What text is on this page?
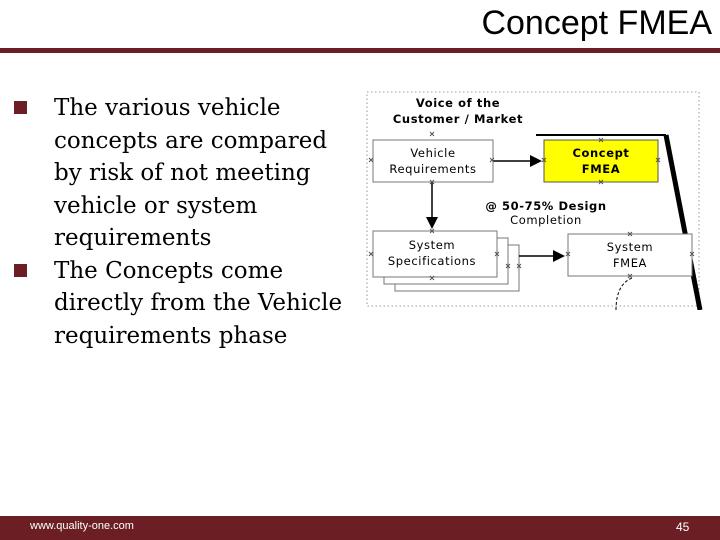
Concept FMEA
The various vehicle concepts are compared by risk of not meeting vehicle or system requirements
The Concepts come directly from the Vehicle requirements phase
Voice of the
Customer / Market
Vehicle
Requirements
Concept
FMEA
@ 50-75% Design
Completion
System
Specifications
System
FMEA
www.quality-one.com	45
